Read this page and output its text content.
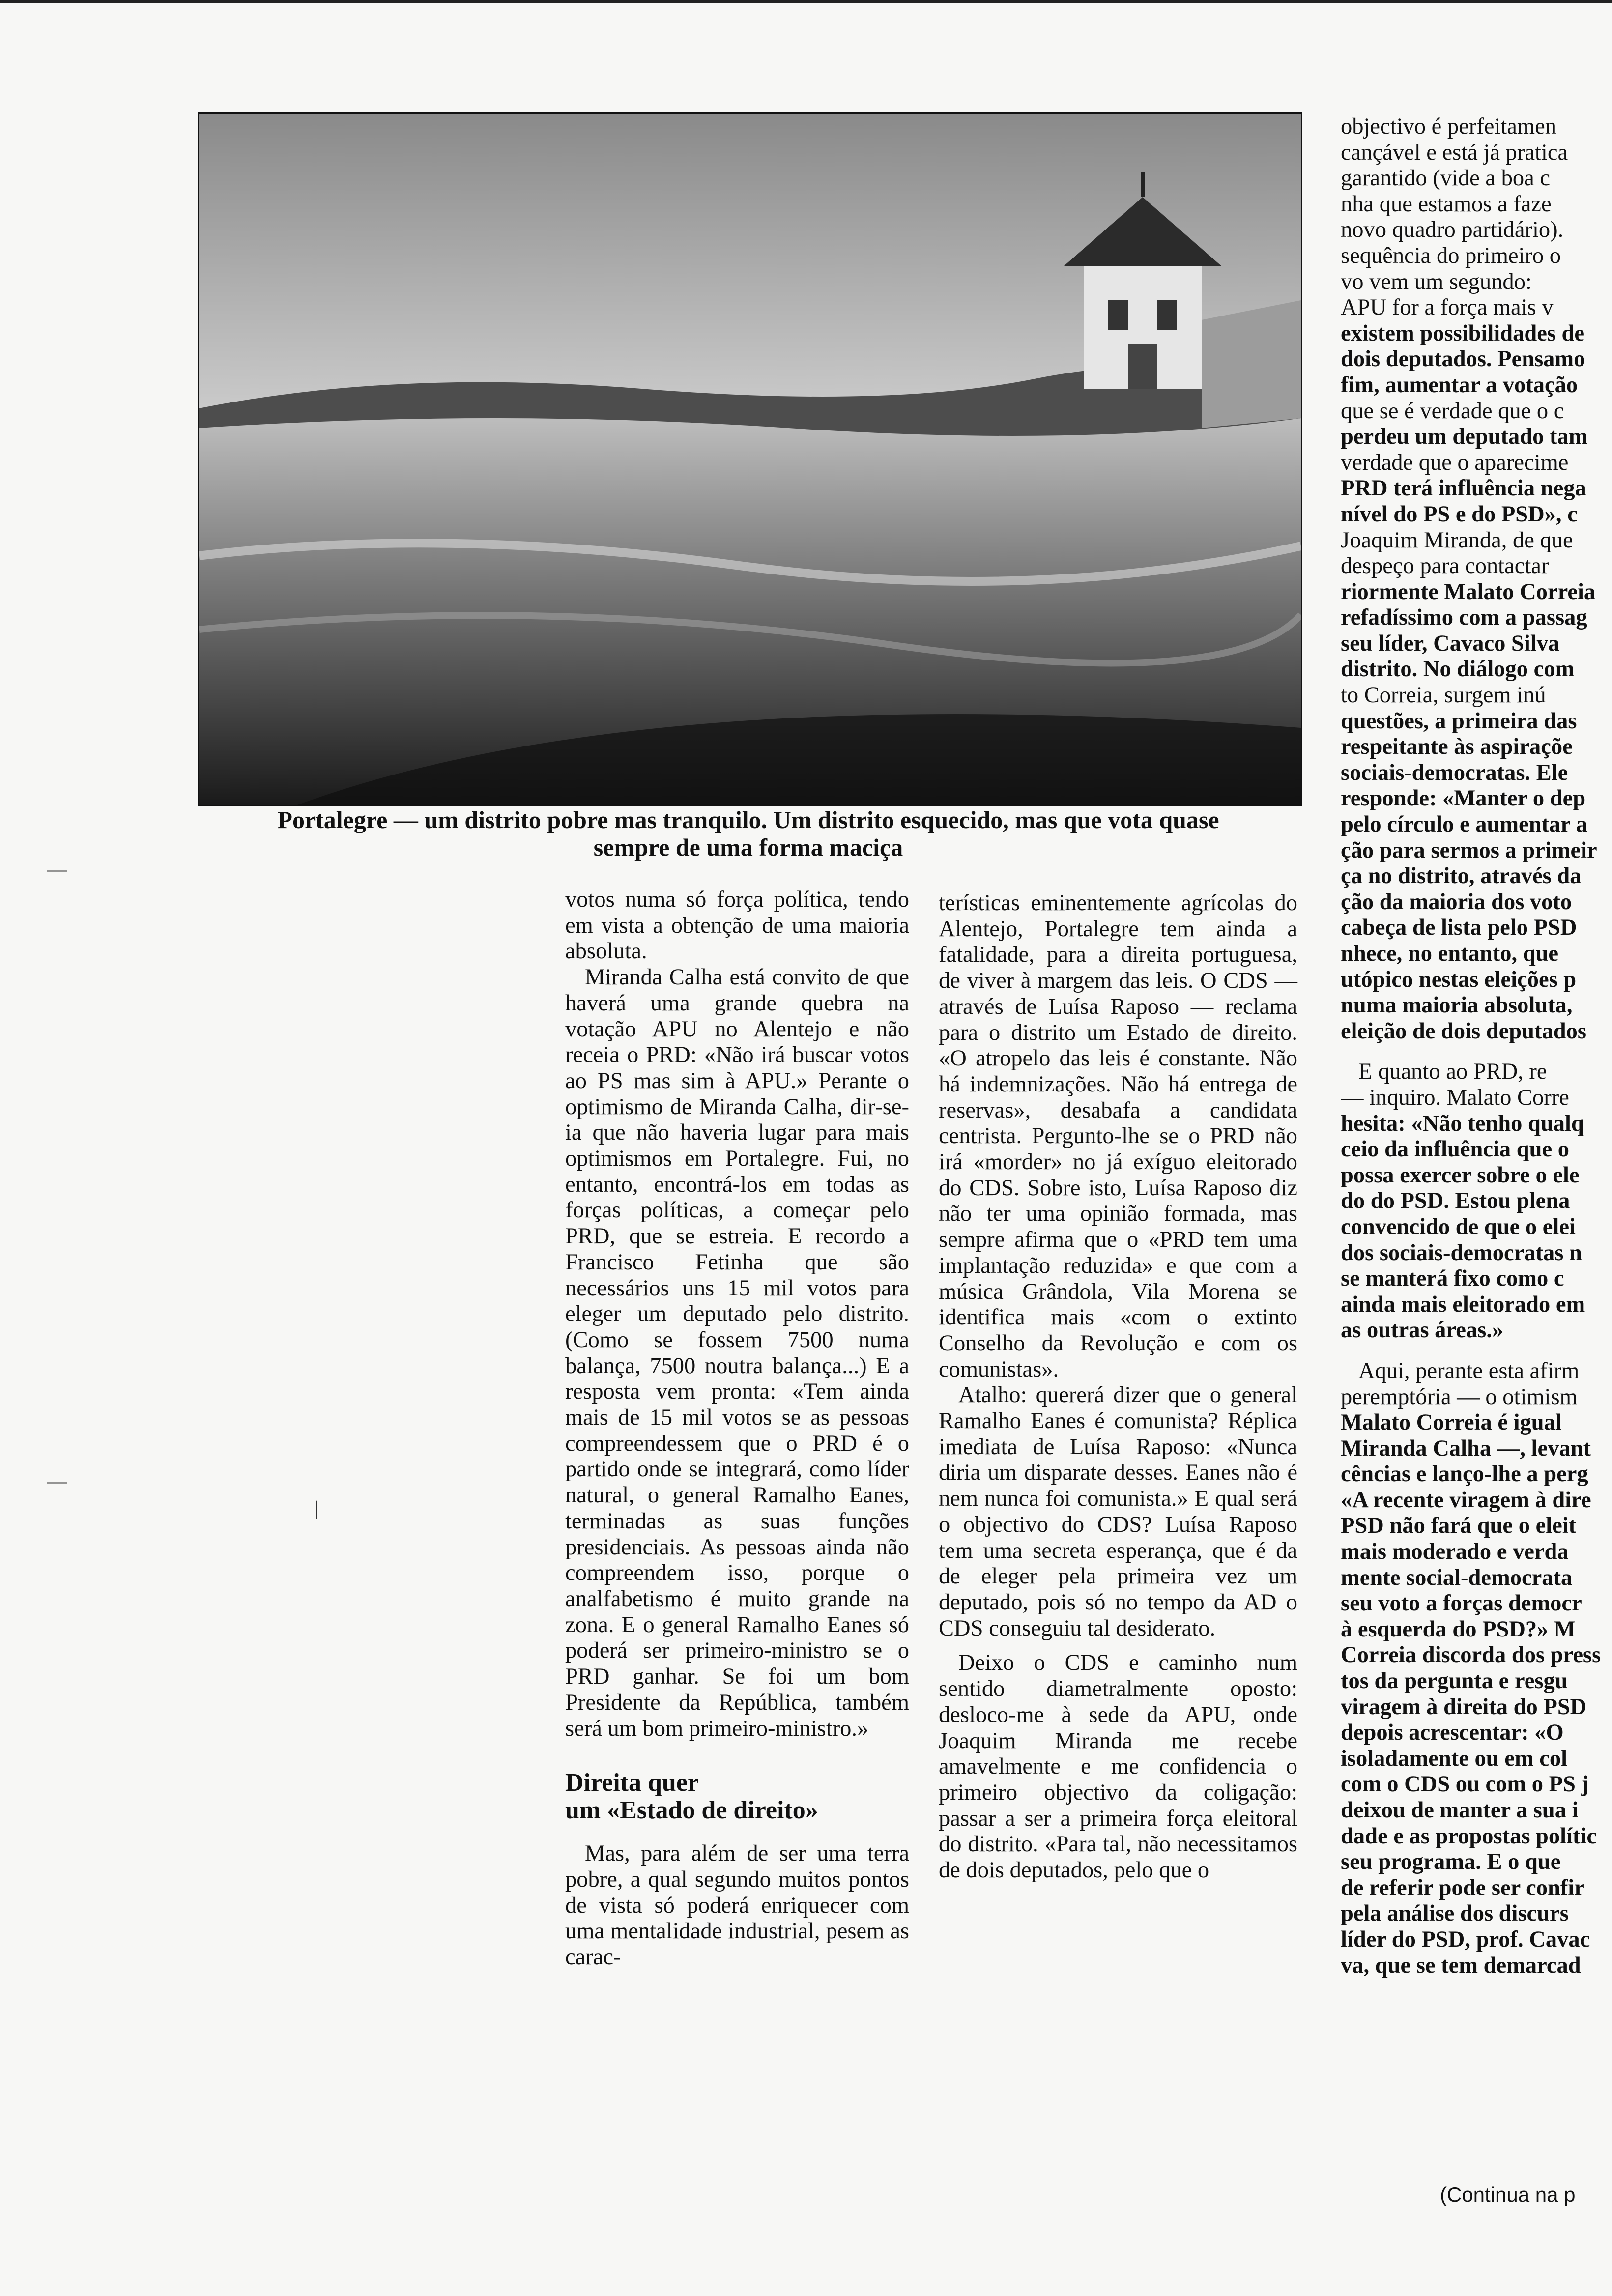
Portalegre — um distrito pobre mas tranquilo. Um distrito esquecido, mas que vota quase
sempre de uma forma maciça

votos numa só força política, tendo em vista a obtenção de uma maioria absoluta.

Miranda Calha está convito de que haverá uma grande quebra na votação APU no Alentejo e não receia o PRD: «Não irá buscar votos ao PS mas sim à APU.» Perante o optimismo de Miranda Calha, dir-se-ia que não haveria lugar para mais optimismos em Portalegre. Fui, no entanto, encontrá-los em todas as forças políticas, a começar pelo PRD, que se estreia. E recordo a Francisco Fetinha que são necessários uns 15 mil votos para eleger um deputado pelo distrito. (Como se fossem 7500 numa balança, 7500 noutra balança...) E a resposta vem pronta: «Tem ainda mais de 15 mil votos se as pessoas compreendessem que o PRD é o partido onde se integrará, como líder natural, o general Ramalho Eanes, terminadas as suas funções presidenciais. As pessoas ainda não compreendem isso, porque o analfabetismo é muito grande na zona. E o general Ramalho Eanes só poderá ser primeiro-ministro se o PRD ganhar. Se foi um bom Presidente da República, também será um bom primeiro-ministro.»

Direita quer
um «Estado de direito»

Mas, para além de ser uma terra pobre, a qual segundo muitos pontos de vista só poderá enriquecer com uma mentalidade industrial, pesem as carac-

terísticas eminentemente agrícolas do Alentejo, Portalegre tem ainda a fatalidade, para a direita portuguesa, de viver à margem das leis. O CDS — através de Luísa Raposo — reclama para o distrito um Estado de direito. «O atropelo das leis é constante. Não há indemnizações. Não há entrega de reservas», desabafa a candidata centrista. Pergunto-lhe se o PRD não irá «morder» no já exíguo eleitorado do CDS. Sobre isto, Luísa Raposo diz não ter uma opinião formada, mas sempre afirma que o «PRD tem uma implantação reduzida» e que com a música Grândola, Vila Morena se identifica mais «com o extinto Conselho da Revolução e com os comunistas».

Atalho: quererá dizer que o general Ramalho Eanes é comunista? Réplica imediata de Luísa Raposo: «Nunca diria um disparate desses. Eanes não é nem nunca foi comunista.» E qual será o objectivo do CDS? Luísa Raposo tem uma secreta esperança, que é da de eleger pela primeira vez um deputado, pois só no tempo da AD o CDS conseguiu tal desiderato.

Deixo o CDS e caminho num sentido diametralmente oposto: desloco-me à sede da APU, onde Joaquim Miranda me recebe amavelmente e me confidencia o primeiro objectivo da coligação: passar a ser a primeira força eleitoral do distrito. «Para tal, não necessitamos de dois deputados, pelo que o

objectivo é perfeitamen
cançável e está já pratica
garantido (vide a boa c
nha que estamos a faze
novo quadro partidário).
sequência do primeiro o
vo vem um segundo:
APU for a força mais v
existem possibilidades de
dois deputados. Pensamo
fim, aumentar a votação
que se é verdade que o c
perdeu um deputado tam
verdade que o aparecime
PRD terá influência nega
nível do PS e do PSD», c
Joaquim Miranda, de que
despeço para contactar
riormente Malato Correia
refadíssimo com a passag
seu líder, Cavaco Silva
distrito. No diálogo com
to Correia, surgem inú
questões, a primeira das
respeitante às aspiraçõe
sociais-democratas. Ele
responde: «Manter o dep
pelo círculo e aumentar a
ção para sermos a primeir
ça no distrito, através da
ção da maioria dos voto
cabeça de lista pelo PSD
nhece, no entanto, que
utópico nestas eleições p
numa maioria absoluta,
eleição de dois deputados
E quanto ao PRD, re
— inquiro. Malato Corre
hesita: «Não tenho qualq
ceio da influência que o
possa exercer sobre o ele
do do PSD. Estou plena
convencido de que o elei
dos sociais-democratas n
se manterá fixo como c
ainda mais eleitorado em
as outras áreas.»
Aqui, perante esta afirm
peremptória — o otimism
Malato Correia é igual
Miranda Calha —, levant
cências e lanço-lhe a perg
«A recente viragem à dire
PSD não fará que o eleit
mais moderado e verda
mente social-democrata
seu voto a forças democr
à esquerda do PSD?» M
Correia discorda dos press
tos da pergunta e resgu
viragem à direita do PSD
depois acrescentar: «O
isoladamente ou em col
com o CDS ou com o PS j
deixou de manter a sua i
dade e as propostas polític
seu programa. E o que
de referir pode ser confir
pela análise dos discurs
líder do PSD, prof. Cavac
va, que se tem demarcad
(Continua na p
—
—
|
